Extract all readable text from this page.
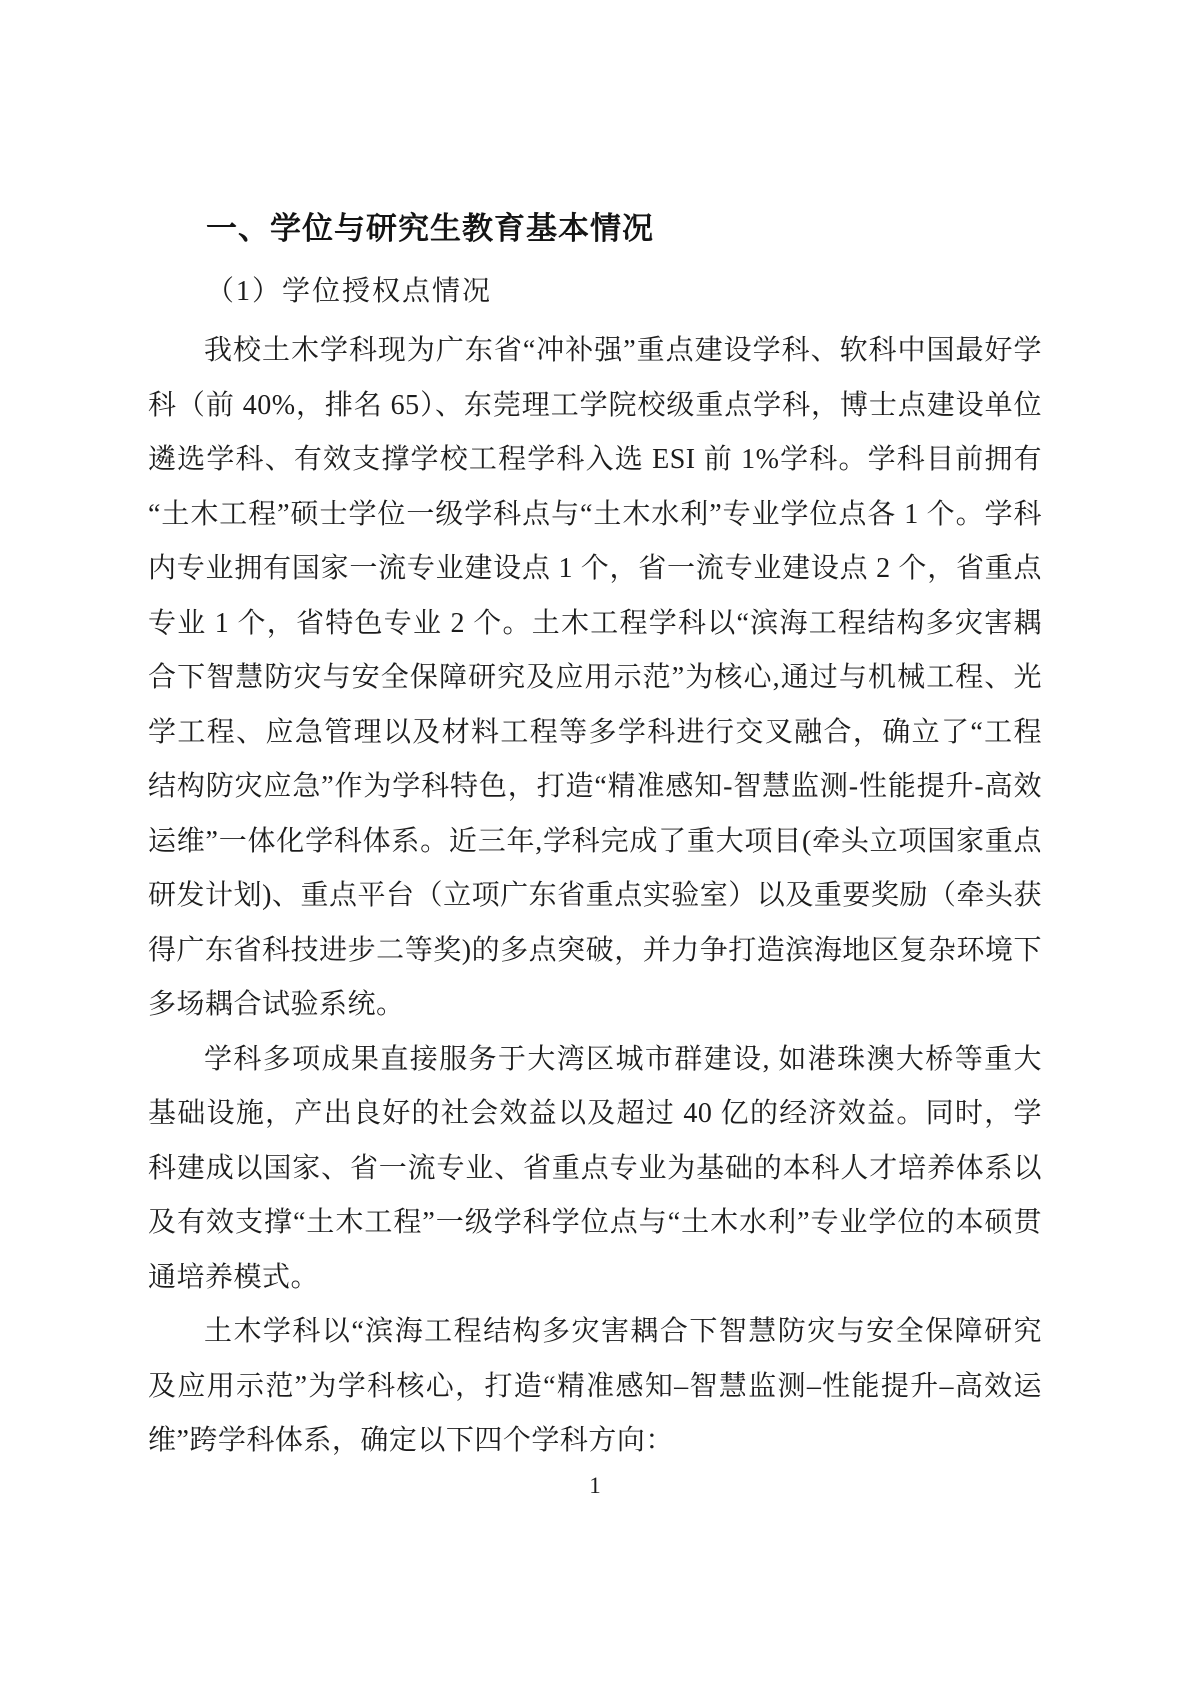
一、学位与研究生教育基本情况
（1）学位授权点情况

我校土木学科现为广东省“冲补强”重点建设学科、软科中国最好学科（前 40%，排名 65）、东莞理工学院校级重点学科，博士点建设单位遴选学科、有效支撑学校工程学科入选 ESI 前 1%学科。学科目前拥有“土木工程”硕士学位一级学科点与“土木水利”专业学位点各 1 个。学科内专业拥有国家一流专业建设点 1 个，省一流专业建设点 2 个，省重点专业 1 个，省特色专业 2 个。土木工程学科以“滨海工程结构多灾害耦合下智慧防灾与安全保障研究及应用示范”为核心,通过与机械工程、光学工程、应急管理以及材料工程等多学科进行交叉融合，确立了“工程结构防灾应急”作为学科特色，打造“精准感知-智慧监测-性能提升-高效运维”一体化学科体系。近三年,学科完成了重大项目(牵头立项国家重点研发计划)、重点平台（立项广东省重点实验室）以及重要奖励（牵头获得广东省科技进步二等奖)的多点突破，并力争打造滨海地区复杂环境下多场耦合试验系统。

学科多项成果直接服务于大湾区城市群建设, 如港珠澳大桥等重大基础设施，产出良好的社会效益以及超过 40 亿的经济效益。同时，学科建成以国家、省一流专业、省重点专业为基础的本科人才培养体系以及有效支撑“土木工程”一级学科学位点与“土木水利”专业学位的本硕贯通培养模式。

土木学科以“滨海工程结构多灾害耦合下智慧防灾与安全保障研究及应用示范”为学科核心，打造“精准感知–智慧监测–性能提升–高效运维”跨学科体系，确定以下四个学科方向：

1
